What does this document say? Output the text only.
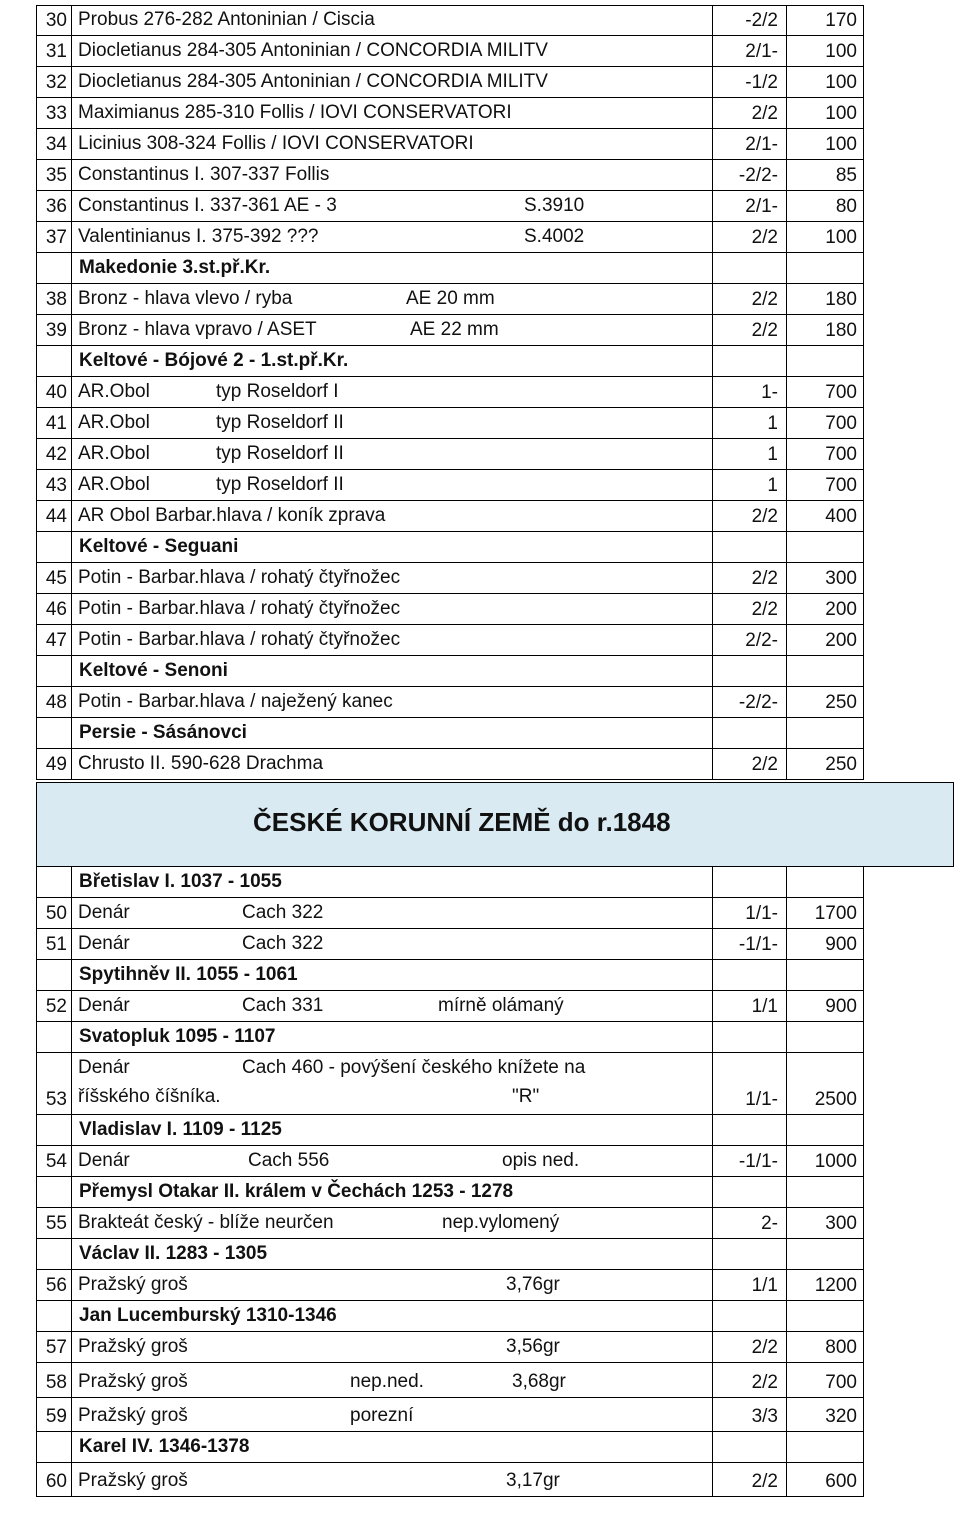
30 Probus 276-282 Antoninian / Ciscia	-2/2 170
31 Diocletianus 284-305 Antoninian / CONCORDIA MILITV	2/1- 100
32 Diocletianus 284-305 Antoninian / CONCORDIA MILITV	-1/2 100
33 Maximianus 285-310 Follis / IOVI CONSERVATORI	2/2 100
34 Licinius 308-324 Follis / IOVI CONSERVATORI	2/1- 100
35 Constantinus I. 307-337 Follis	-2/2-	85
36 Constantinus I. 337-361 AE - 3	S.3910	2/1-	80
37 Valentinianus I. 375-392 ???	S.4002	2/2 100
Makedonie 3.st.př.Kr.
38 Bronz - hlava vlevo / ryba	AE 20 mm	2/2 180
39 Bronz - hlava vpravo / ASET	AE 22 mm	2/2 180
Keltové - Bójové 2 - 1.st.př.Kr.
40 AR.Obol	typ Roseldorf I	1- 700
41 AR.Obol	typ Roseldorf II	1 700
42 AR.Obol	typ Roseldorf II	1 700
43 AR.Obol	typ Roseldorf II	1 700
44 AR Obol Barbar.hlava / koník zprava	2/2 400
Keltové - Seguani
45 Potin - Barbar.hlava / rohatý čtyřnožec	2/2 300
46 Potin - Barbar.hlava / rohatý čtyřnožec	2/2 200
47 Potin - Barbar.hlava / rohatý čtyřnožec	2/2- 200
Keltové - Senoni
48 Potin - Barbar.hlava / naježený kanec	-2/2- 250
Persie - Sásánovci
49 Chrusto II. 590-628 Drachma	2/2 250
ČESKÉ KORUNNÍ ZEMĚ do r.1848
Břetislav I. 1037 - 1055
50 Denár	Cach 322	1/1- 1700
51 Denár	Cach 322	-1/1- 900
Spytihněv II. 1055 - 1061
52 Denár	Cach 331	mírně olámaný	1/1 900
Svatopluk 1095 - 1107
53
Denár	Cach 460 - povýšení českého knížete na
říšského číšníka.	"R"	1/1- 2500
Vladislav I. 1109 - 1125
54 Denár	Cach 556	opis ned.	-1/1- 1000
Přemysl Otakar II. králem v Čechách 1253 - 1278
55 Brakteát český - blíže neurčen	nep.vylomený	2- 300
Václav II. 1283 - 1305
56 Pražský groš	3,76gr	1/1 1200
Jan Lucemburský 1310-1346
57 Pražský groš	3,56gr	2/2 800
58 Pražský groš	nep.ned.	3,68gr	2/2 700
59 Pražský groš	porezní	3/3 320
Karel IV. 1346-1378
60 Pražský groš	3,17gr	2/2 600
